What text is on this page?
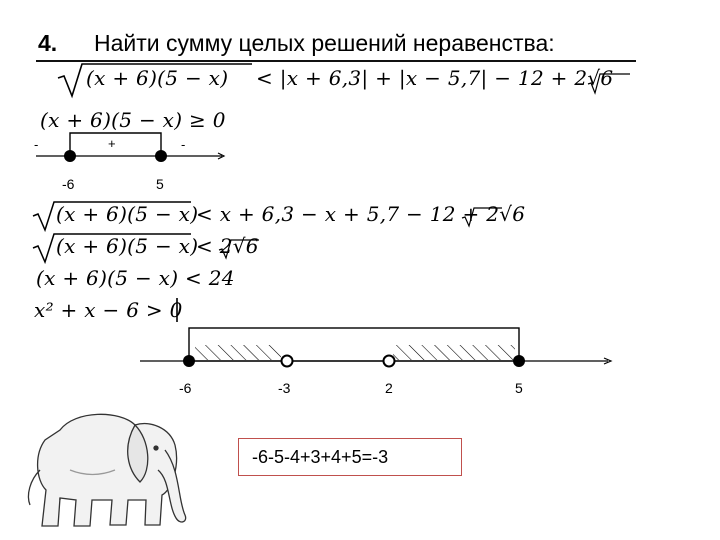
4. Найти сумму целых решений неравенства:
(x + 6)(5 − x) < |x + 6,3| + |x − 5,7| − 12 + 2√6
(x + 6)(5 − x) ≥ 0
-	+	-
-6	5
(x + 6)(5 − x)
< x + 6,3 − x + 5,7 − 12 + 2√6
(x + 6)(5 − x)
< 2√6
(x + 6)(5 − x) < 24
x² + x − 6 > 0
-6	-3	2	5
-6-5-4+3+4+5=-3
